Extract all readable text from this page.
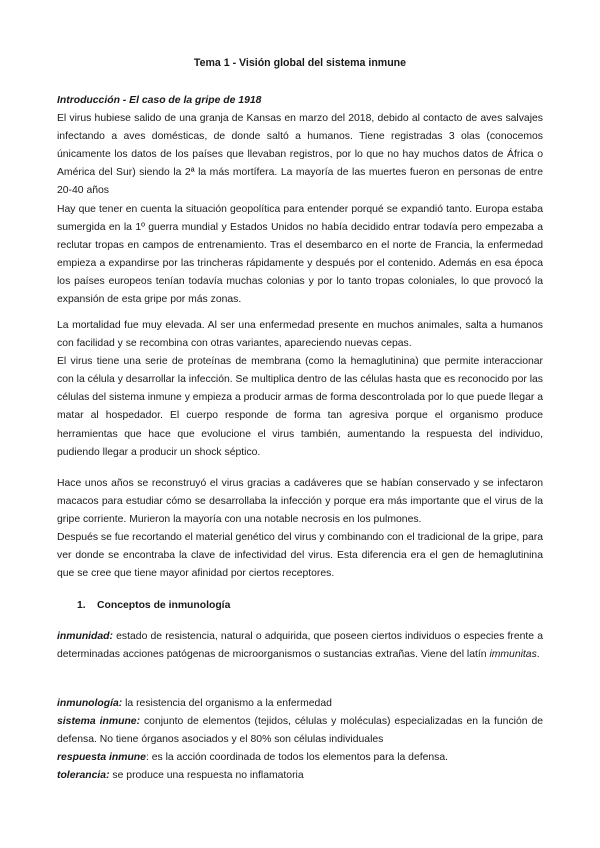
Tema 1 - Visión global del sistema inmune

Introducción - El caso de la gripe de 1918

El virus hubiese salido de una granja de Kansas en marzo del 2018, debido al contacto de aves salvajes infectando a aves domésticas, de donde saltó a humanos. Tiene registradas 3 olas (conocemos únicamente los datos de los países que llevaban registros, por lo que no hay muchos datos de África o América del Sur) siendo la 2ª la más mortífera. La mayoría de las muertes fueron en personas de entre 20-40 años

Hay que tener en cuenta la situación geopolítica para entender porqué se expandió tanto. Europa estaba sumergida en la 1º guerra mundial y Estados Unidos no había decidido entrar todavía pero empezaba a reclutar tropas en campos de entrenamiento. Tras el desembarco en el norte de Francia, la enfermedad empieza a expandirse por las trincheras rápidamente y después por el contenido. Además en esa época los países europeos tenían todavía muchas colonias y por lo tanto tropas coloniales, lo que provocó la expansión de esta gripe por más zonas.

La mortalidad fue muy elevada. Al ser una enfermedad presente en muchos animales, salta a humanos con facilidad y se recombina con otras variantes, apareciendo nuevas cepas.

El virus tiene una serie de proteínas de membrana (como la hemaglutinina) que permite interaccionar con la célula y desarrollar la infección. Se multiplica dentro de las células hasta que es reconocido por las células del sistema inmune y empieza a producir armas de forma descontrolada por lo que puede llegar a matar al hospedador. El cuerpo responde de forma tan agresiva porque el organismo produce herramientas que hace que evolucione el virus también, aumentando la respuesta del individuo, pudiendo llegar a producir un shock séptico.

Hace unos años se reconstruyó el virus gracias a cadáveres que se habían conservado y se infectaron macacos para estudiar cómo se desarrollaba la infección y porque era más importante que el virus de la gripe corriente. Murieron la mayoría con una notable necrosis en los pulmones.

Después se fue recortando el material genético del virus y combinando con el tradicional de la gripe, para ver donde se encontraba la clave de infectividad del virus. Esta diferencia era el gen de hemaglutinina que se cree que tiene mayor afinidad por ciertos receptores.

1. Conceptos de inmunología

inmunidad: estado de resistencia, natural o adquirida, que poseen ciertos individuos o especies frente a determinadas acciones patógenas de microorganismos o sustancias extrañas. Viene del latín immunitas.

inmunología: la resistencia del organismo a la enfermedad

sistema inmune: conjunto de elementos (tejidos, células y moléculas) especializadas en la función de defensa. No tiene órganos asociados y el 80% son células individuales

respuesta inmune: es la acción coordinada de todos los elementos para la defensa.

tolerancia: se produce una respuesta no inflamatoria
